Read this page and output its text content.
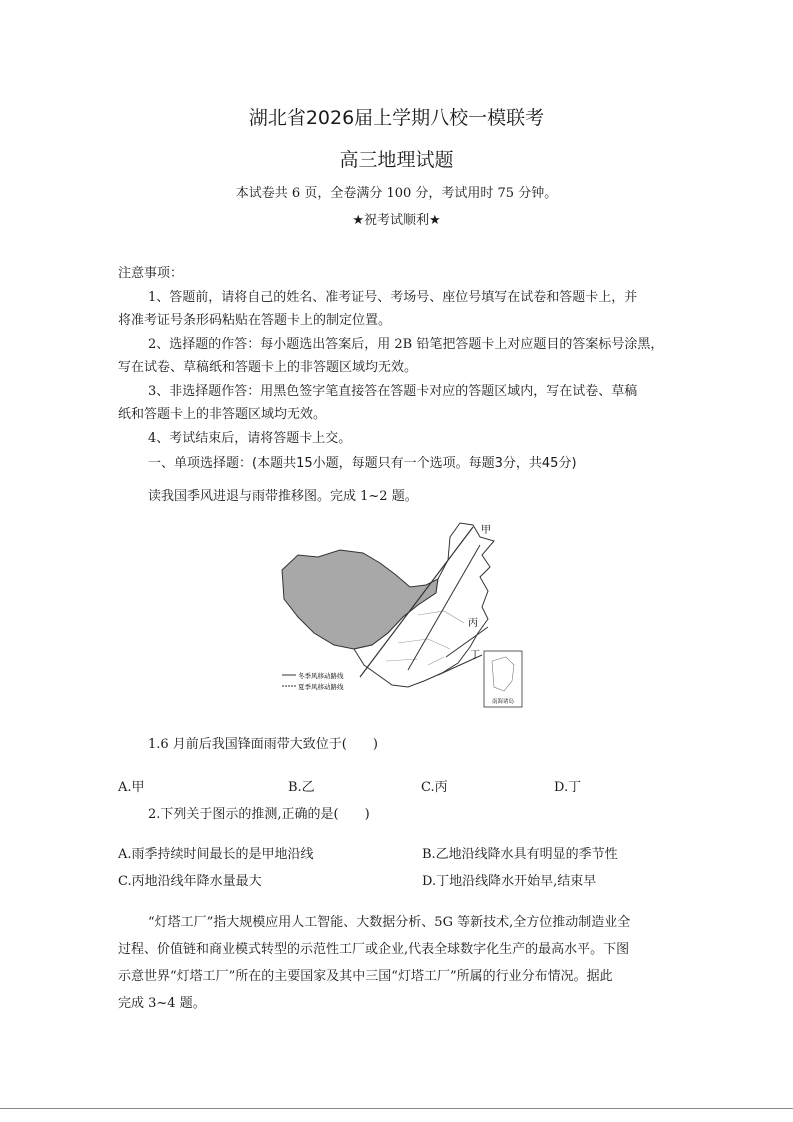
湖北省2026届上学期八校一模联考
高三地理试题
本试卷共 6 页，全卷满分 100 分，考试用时 75 分钟。
★祝考试顺利★
注意事项：
1、答题前，请将自己的姓名、准考证号、考场号、座位号填写在试卷和答题卡上，并
将准考证号条形码粘贴在答题卡上的制定位置。
2、选择题的作答：每小题选出答案后，用 2B 铅笔把答题卡上对应题目的答案标号涂黑，
写在试卷、草稿纸和答题卡上的非答题区域均无效。
3、非选择题作答：用黑色签字笔直接答在答题卡对应的答题区域内，写在试卷、草稿
纸和答题卡上的非答题区域均无效。
4、考试结束后，请将答题卡上交。
一、单项选择题：(本题共15小题，每题只有一个选项。每题3分，共45分)
读我国季风进退与雨带推移图。完成 1~2 题。
甲
丙
丁
冬季风移动路线
夏季风移动路线
南海诸岛
1.6 月前后我国锋面雨带大致位于(　　)
A.甲	B.乙	C.丙	D.丁
2.下列关于图示的推测,正确的是(　　)
A.雨季持续时间最长的是甲地沿线	B.乙地沿线降水具有明显的季节性
C.丙地沿线年降水量最大	D.丁地沿线降水开始早,结束早
“灯塔工厂”指大规模应用人工智能、大数据分析、5G 等新技术,全方位推动制造业全
过程、价值链和商业模式转型的示范性工厂或企业,代表全球数字化生产的最高水平。下图
示意世界“灯塔工厂”所在的主要国家及其中三国“灯塔工厂”所属的行业分布情况。据此
完成 3~4 题。
